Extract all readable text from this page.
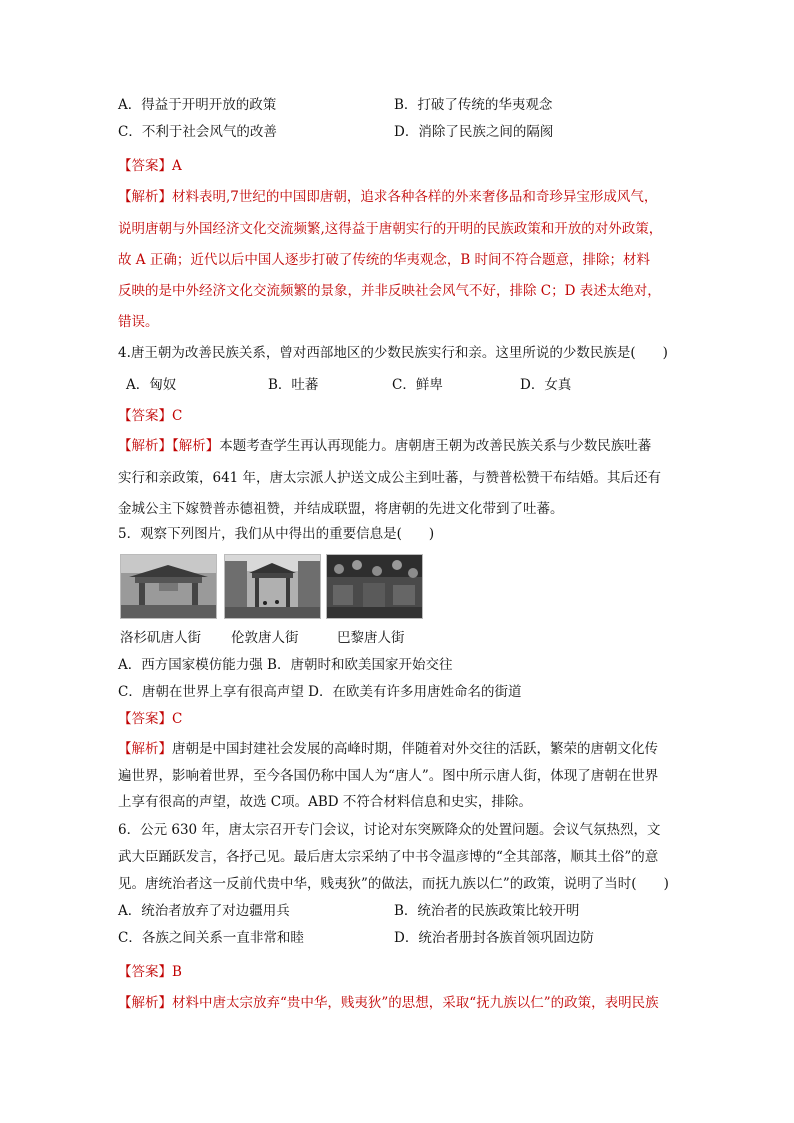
A．得益于开明开放的政策	B．打破了传统的华夷观念
C．不利于社会风气的改善	D．消除了民族之间的隔阂
【答案】A
【解析】材料表明,7世纪的中国即唐朝，追求各种各样的外来奢侈品和奇珍异宝形成风气，
说明唐朝与外国经济文化交流频繁,这得益于唐朝实行的开明的民族政策和开放的对外政策，
故 A 正确；近代以后中国人逐步打破了传统的华夷观念，B 时间不符合题意，排除；材料
反映的是中外经济文化交流频繁的景象，并非反映社会风气不好，排除 C；D 表述太绝对，
错误。
4.唐王朝为改善民族关系，曾对西部地区的少数民族实行和亲。这里所说的少数民族是(　　)
A．匈奴	B．吐蕃	C．鲜卑	D．女真
【答案】C
【解析】【解析】本题考查学生再认再现能力。唐朝唐王朝为改善民族关系与少数民族吐蕃
实行和亲政策，641 年，唐太宗派人护送文成公主到吐蕃，与赞普松赞干布结婚。其后还有
金城公主下嫁赞普赤德祖赞，并结成联盟，将唐朝的先进文化带到了吐蕃。
5．观察下列图片，我们从中得出的重要信息是(　　)
洛杉矶唐人街 伦敦唐人街	巴黎唐人街
A．西方国家模仿能力强 B．唐朝时和欧美国家开始交往
C．唐朝在世界上享有很高声望 D．在欧美有许多用唐姓命名的街道
【答案】C
【解析】唐朝是中国封建社会发展的高峰时期，伴随着对外交往的活跃，繁荣的唐朝文化传
遍世界，影响着世界，至今各国仍称中国人为“唐人”。图中所示唐人街，体现了唐朝在世界
上享有很高的声望，故选 C项。ABD 不符合材料信息和史实，排除。
6．公元 630 年，唐太宗召开专门会议，讨论对东突厥降众的处置问题。会议气氛热烈，文
武大臣踊跃发言，各抒己见。最后唐太宗采纳了中书令温彦博的“全其部落，顺其土俗”的意
见。唐统治者这一反前代贵中华，贱夷狄”的做法，而抚九族以仁”的政策，说明了当时(　　)
A．统治者放弃了对边疆用兵	B．统治者的民族政策比较开明
C．各族之间关系一直非常和睦	D．统治者册封各族首领巩固边防
【答案】B
【解析】材料中唐太宗放弃“贵中华，贱夷狄”的思想，采取“抚九族以仁”的政策，表明民族
